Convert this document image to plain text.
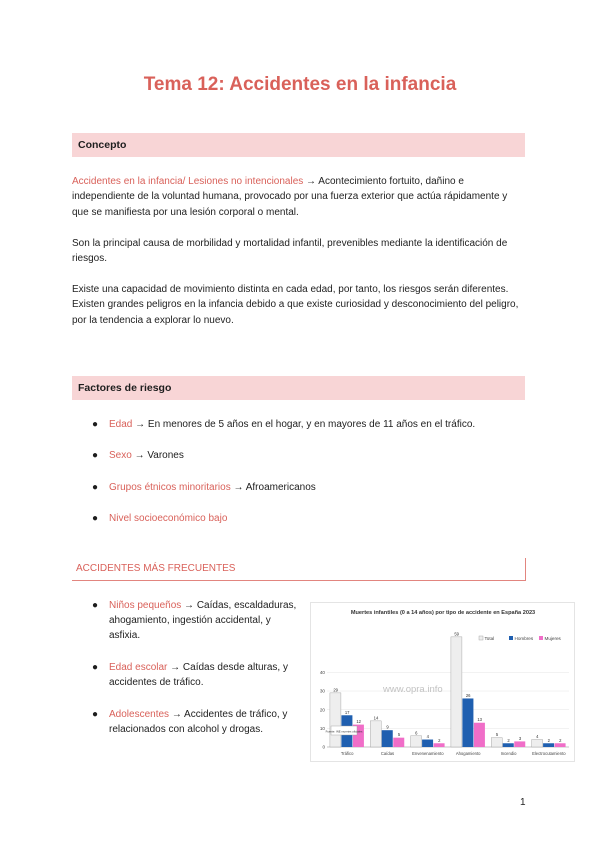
Tema 12: Accidentes en la infancia
Concepto
Accidentes en la infancia/ Lesiones no intencionales → Acontecimiento fortuito, dañino e
independiente de la voluntad humana, provocado por una fuerza exterior que actúa rápidamente y
que se manifiesta por una lesión corporal o mental.
Son la principal causa de morbilidad y mortalidad infantil, prevenibles mediante la identificación de
riesgos.
Existe una capacidad de movimiento distinta en cada edad, por tanto, los riesgos serán diferentes.
Existen grandes peligros en la infancia debido a que existe curiosidad y desconocimiento del peligro,
por la tendencia a explorar lo nuevo.
Factores de riesgo
● Edad → En menores de 5 años en el hogar, y en mayores de 11 años en el tráfico.
● Sexo → Varones
● Grupos étnicos minoritarios → Afroamericanos
● Nivel socioeconómico bajo
ACCIDENTES MÁS FRECUENTES
● Niños pequeños → Caídas, escaldaduras,
ahogamiento, ingestión accidental, y
asfixia.
● Edad escolar → Caídas desde alturas, y
accidentes de tráfico.
● Adolescentes → Accidentes de tráfico, y
relacionados con alcohol y drogas.
Muertes infantiles (0 a 14 años) por tipo de accidente en España 2023
Total	Hombres Mujeres
0
10
20
30
40
29
17
12
Tráfico
14
9
5
Caídas
6
4
2
Envenenamiento
59
26
13
Ahogamiento
5
2 3
Incendio
4
2 2
Electrocutamiento
Fuente: INE muertes oficiales
www.opra.info
1
